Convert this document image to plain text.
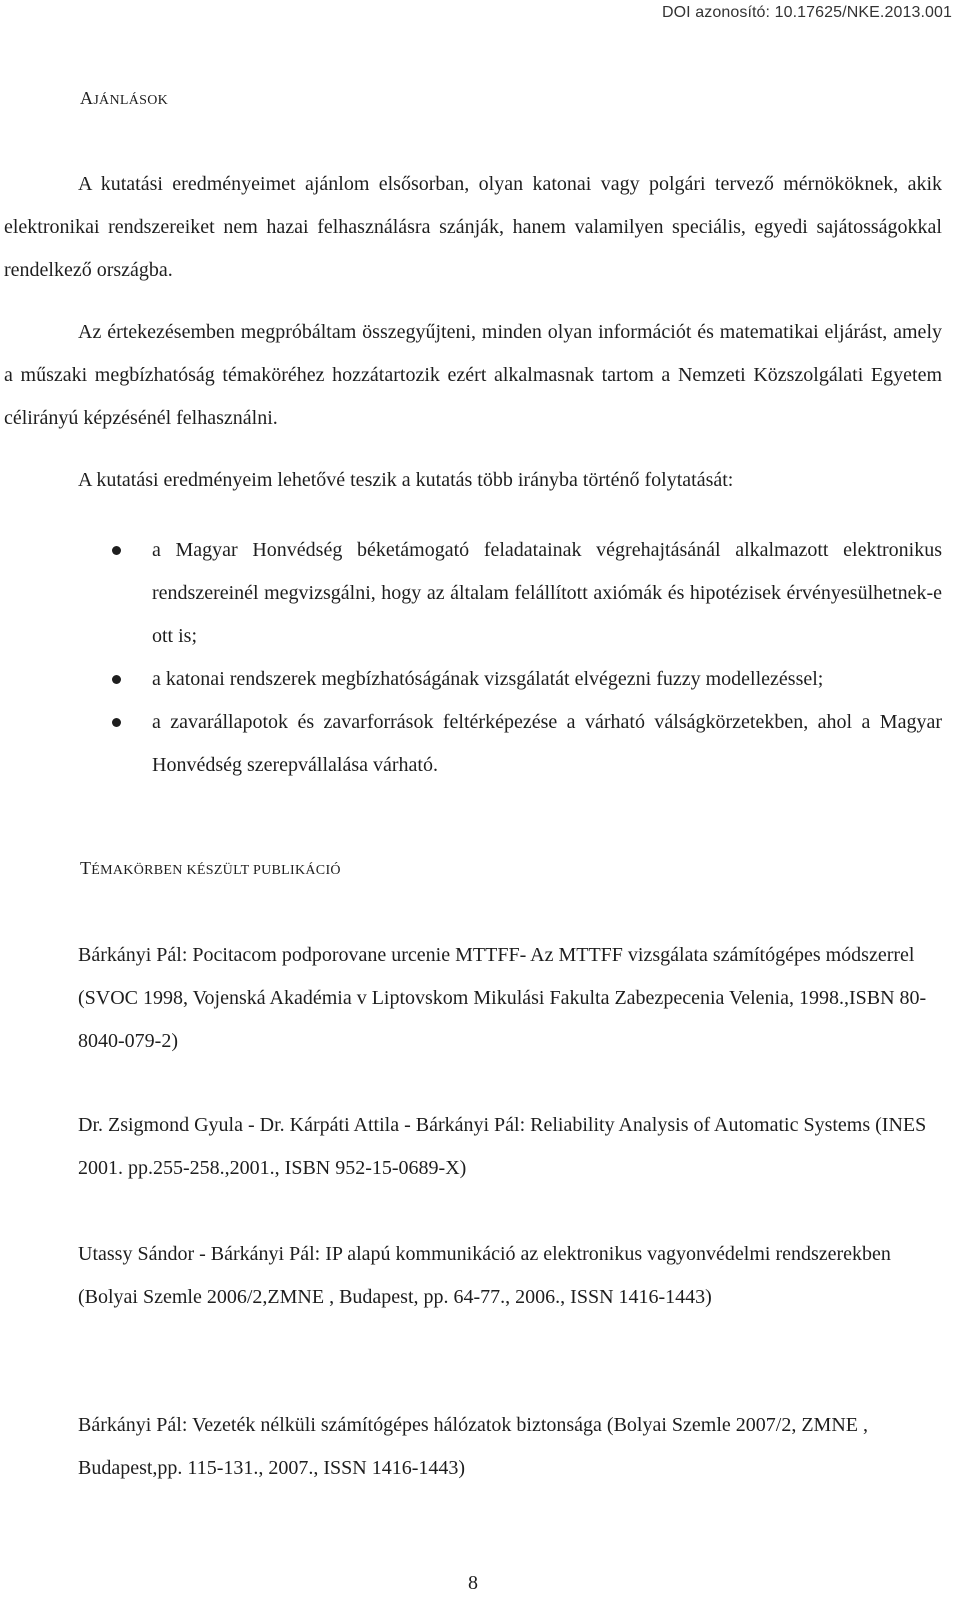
DOI azonosító: 10.17625/NKE.2013.001
AJÁNLÁSOK

A kutatási eredményeimet ajánlom elsősorban, olyan katonai vagy polgári tervező mérnököknek, akik elektronikai rendszereiket nem hazai felhasználásra szánják, hanem valamilyen speciális, egyedi sajátosságokkal rendelkező országba.

Az értekezésemben megpróbáltam összegyűjteni, minden olyan információt és matematikai eljárást, amely a műszaki megbízhatóság témaköréhez hozzátartozik ezért alkalmasnak tartom a Nemzeti Közszolgálati Egyetem célirányú képzésénél felhasználni.

A kutatási eredményeim lehetővé teszik a kutatás több irányba történő folytatását:

a Magyar Honvédség béketámogató feladatainak végrehajtásánál alkalmazott elektronikus rendszereinél megvizsgálni, hogy az általam felállított axiómák és hipotézisek érvényesülhetnek-e ott is;
a katonai rendszerek megbízhatóságának vizsgálatát elvégezni fuzzy modellezéssel;
a zavarállapotok és zavarforrások feltérképezése a várható válságkörzetekben, ahol a Magyar Honvédség szerepvállalása várható.
TÉMAKÖRBEN KÉSZÜLT PUBLIKÁCIÓ

Bárkányi Pál: Pocitacom podporovane urcenie MTTFF- Az MTTFF vizsgálata számítógépes módszerrel (SVOC 1998, Vojenská Akadémia v Liptovskom Mikulási Fakulta Zabezpecenia Velenia, 1998.,ISBN 80-8040-079-2)

Dr. Zsigmond Gyula - Dr. Kárpáti Attila - Bárkányi Pál: Reliability Analysis of Automatic Systems (INES 2001. pp.255-258.,2001., ISBN 952-15-0689-X)

Utassy Sándor - Bárkányi Pál: IP alapú kommunikáció az elektronikus vagyonvédelmi rendszerekben (Bolyai Szemle 2006/2,ZMNE , Budapest, pp. 64-77., 2006., ISSN 1416-1443)

Bárkányi Pál: Vezeték nélküli számítógépes hálózatok biztonsága (Bolyai Szemle 2007/2, ZMNE , Budapest,pp. 115-131., 2007., ISSN 1416-1443)

8
